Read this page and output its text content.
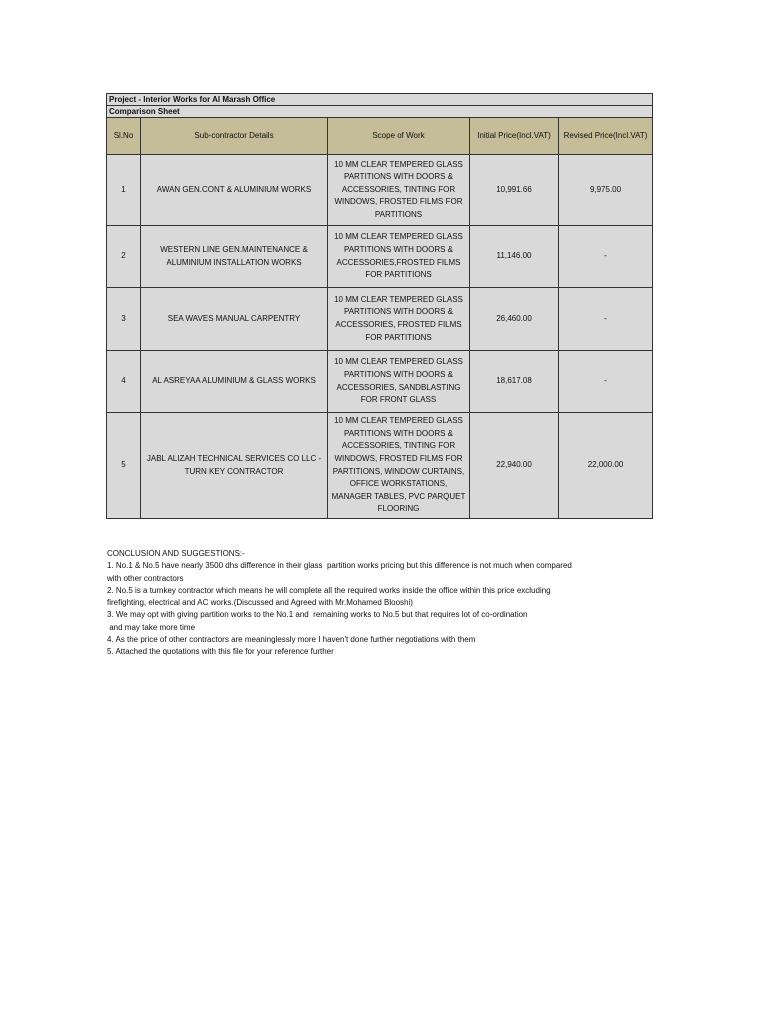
Project - Interior Works for Al Marash Office				
Comparison Sheet				
Sl.No	Sub-contractor Details	Scope of Work	Initial Price(Incl.VAT)	Revised Price(Incl.VAT)
1	AWAN GEN.CONT & ALUMINIUM WORKS	10 MM CLEAR TEMPERED GLASS PARTITIONS WITH DOORS & ACCESSORIES, TINTING FOR WINDOWS, FROSTED FILMS FOR PARTITIONS	10,991.66	9,975.00
2	WESTERN LINE GEN.MAINTENANCE & ALUMINIUM INSTALLATION WORKS	10 MM CLEAR TEMPERED GLASS PARTITIONS WITH DOORS & ACCESSORIES,FROSTED FILMS FOR PARTITIONS	11,146.00	-
3	SEA WAVES MANUAL CARPENTRY	10 MM CLEAR TEMPERED GLASS PARTITIONS WITH DOORS & ACCESSORIES, FROSTED FILMS FOR PARTITIONS	26,460.00	-
4	AL ASREYAA ALUMINIUM & GLASS WORKS	10 MM CLEAR TEMPERED GLASS PARTITIONS WITH DOORS & ACCESSORIES, SANDBLASTING FOR FRONT GLASS	18,617.08	-
5	JABL ALIZAH TECHNICAL SERVICES CO LLC - TURN KEY CONTRACTOR	10 MM CLEAR TEMPERED GLASS PARTITIONS WITH DOORS & ACCESSORIES, TINTING FOR WINDOWS, FROSTED FILMS FOR PARTITIONS, WINDOW CURTAINS, OFFICE WORKSTATIONS, MANAGER TABLES, PVC PARQUET FLOORING	22,940.00	22,000.00
CONCLUSION AND SUGGESTIONS:-
1. No.1 & No.5 have nearly 3500 dhs difference in their glass  partition works pricing but this difference is not much when compared
with other contractors
2. No.5 is a turnkey contractor which means he will complete all the required works inside the office within this price excluding
firefighting, electrical and AC works.(Discussed and Agreed with Mr.Mohamed Blooshi)
3. We may opt with giving partition works to the No.1 and  remaining works to No.5 but that requires lot of co-ordination
and may take more time
4. As the price of other contractors are meaninglessly more I haven't done further negotiations with them
5. Attached the quotations with this file for your reference further
